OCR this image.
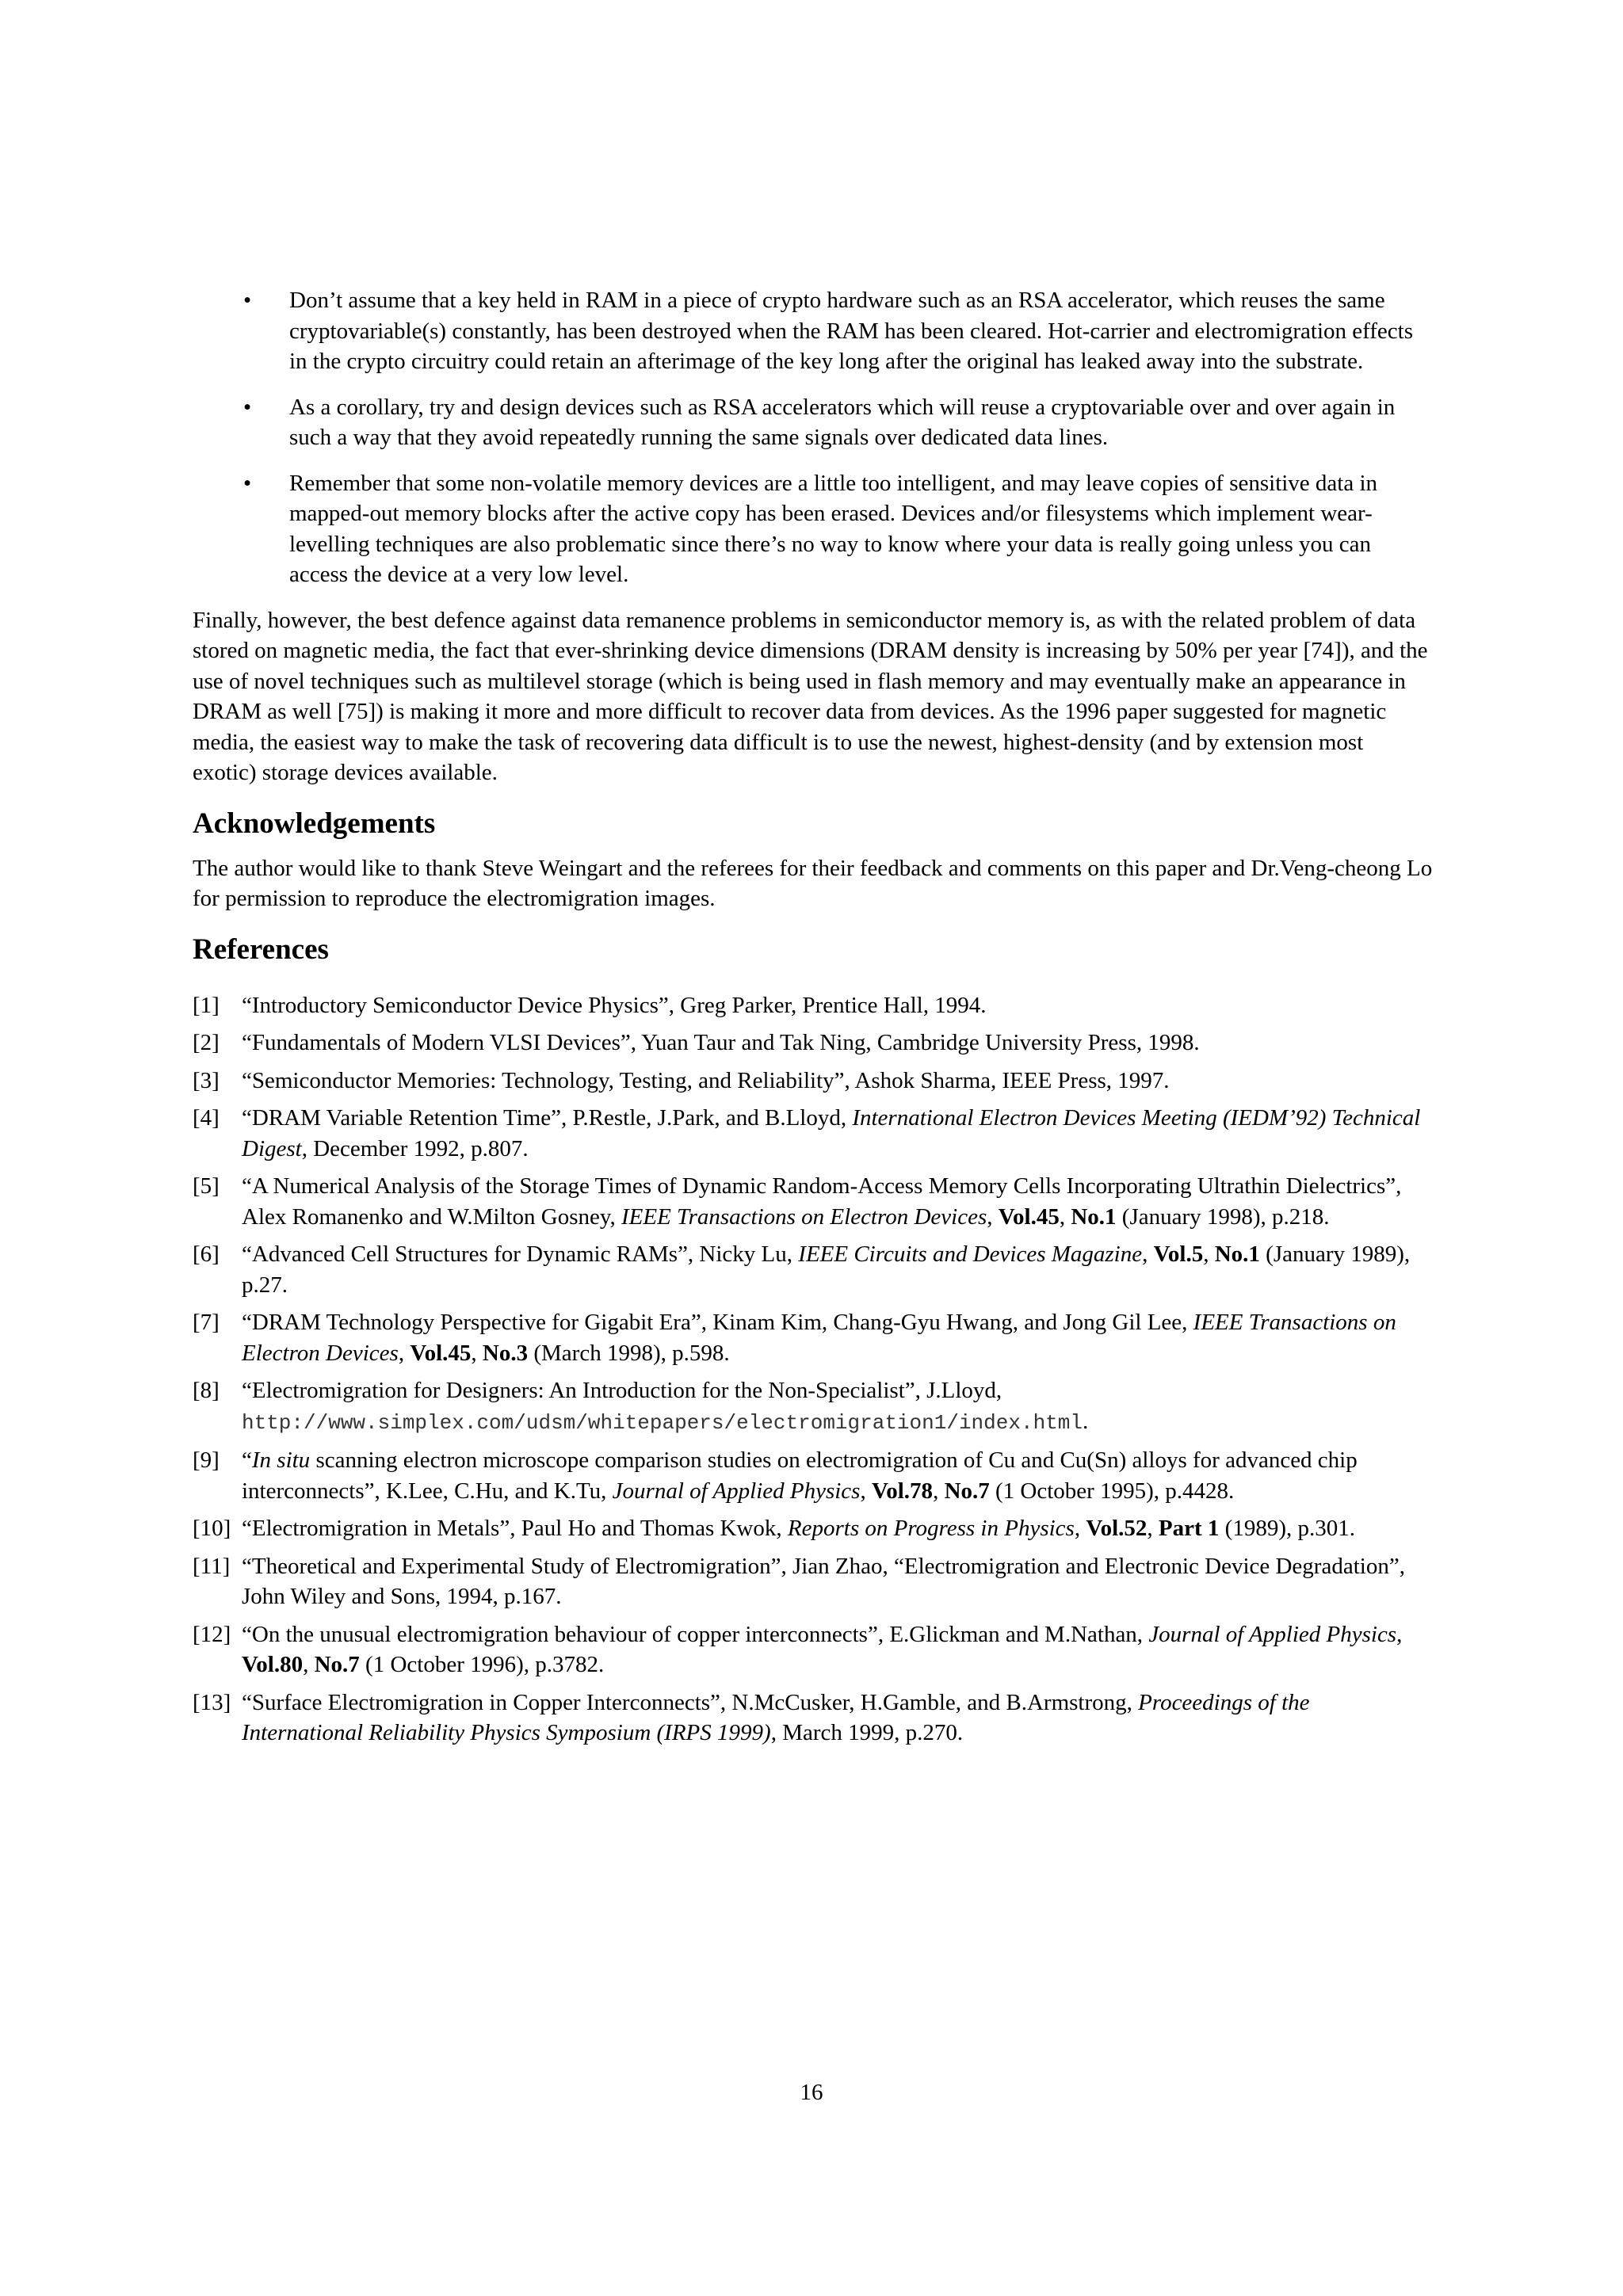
• Don’t assume that a key held in RAM in a piece of crypto hardware such as an RSA accelerator, which reuses the same cryptovariable(s) constantly, has been destroyed when the RAM has been cleared. Hot-carrier and electromigration effects in the crypto circuitry could retain an afterimage of the key long after the original has leaked away into the substrate.
• As a corollary, try and design devices such as RSA accelerators which will reuse a cryptovariable over and over again in such a way that they avoid repeatedly running the same signals over dedicated data lines.
• Remember that some non-volatile memory devices are a little too intelligent, and may leave copies of sensitive data in mapped-out memory blocks after the active copy has been erased. Devices and/or filesystems which implement wear-levelling techniques are also problematic since there’s no way to know where your data is really going unless you can access the device at a very low level.

Finally, however, the best defence against data remanence problems in semiconductor memory is, as with the related problem of data stored on magnetic media, the fact that ever-shrinking device dimensions (DRAM density is increasing by 50% per year [74]), and the use of novel techniques such as multilevel storage (which is being used in flash memory and may eventually make an appearance in DRAM as well [75]) is making it more and more difficult to recover data from devices. As the 1996 paper suggested for magnetic media, the easiest way to make the task of recovering data difficult is to use the newest, highest-density (and by extension most exotic) storage devices available.

Acknowledgements

The author would like to thank Steve Weingart and the referees for their feedback and comments on this paper and Dr.Veng-cheong Lo for permission to reproduce the electromigration images.

References
[1] “Introductory Semiconductor Device Physics”, Greg Parker, Prentice Hall, 1994.
[2] “Fundamentals of Modern VLSI Devices”, Yuan Taur and Tak Ning, Cambridge University Press, 1998.
[3] “Semiconductor Memories: Technology, Testing, and Reliability”, Ashok Sharma, IEEE Press, 1997.
[4] “DRAM Variable Retention Time”, P.Restle, J.Park, and B.Lloyd, International Electron Devices Meeting (IEDM’92) Technical Digest, December 1992, p.807.
[5] “A Numerical Analysis of the Storage Times of Dynamic Random-Access Memory Cells Incorporating Ultrathin Dielectrics”, Alex Romanenko and W.Milton Gosney, IEEE Transactions on Electron Devices, Vol.45, No.1 (January 1998), p.218.
[6] “Advanced Cell Structures for Dynamic RAMs”, Nicky Lu, IEEE Circuits and Devices Magazine, Vol.5, No.1 (January 1989), p.27.
[7] “DRAM Technology Perspective for Gigabit Era”, Kinam Kim, Chang-Gyu Hwang, and Jong Gil Lee, IEEE Transactions on Electron Devices, Vol.45, No.3 (March 1998), p.598.
[8] “Electromigration for Designers: An Introduction for the Non-Specialist”, J.Lloyd, http://www.simplex.com/udsm/whitepapers/electromigration1/index.html.
[9] “In situ scanning electron microscope comparison studies on electromigration of Cu and Cu(Sn) alloys for advanced chip interconnects”, K.Lee, C.Hu, and K.Tu, Journal of Applied Physics, Vol.78, No.7 (1 October 1995), p.4428.
[10] “Electromigration in Metals”, Paul Ho and Thomas Kwok, Reports on Progress in Physics, Vol.52, Part 1 (1989), p.301.
[11] “Theoretical and Experimental Study of Electromigration”, Jian Zhao, “Electromigration and Electronic Device Degradation”, John Wiley and Sons, 1994, p.167.
[12] “On the unusual electromigration behaviour of copper interconnects”, E.Glickman and M.Nathan, Journal of Applied Physics, Vol.80, No.7 (1 October 1996), p.3782.
[13] “Surface Electromigration in Copper Interconnects”, N.McCusker, H.Gamble, and B.Armstrong, Proceedings of the International Reliability Physics Symposium (IRPS 1999), March 1999, p.270.
16
